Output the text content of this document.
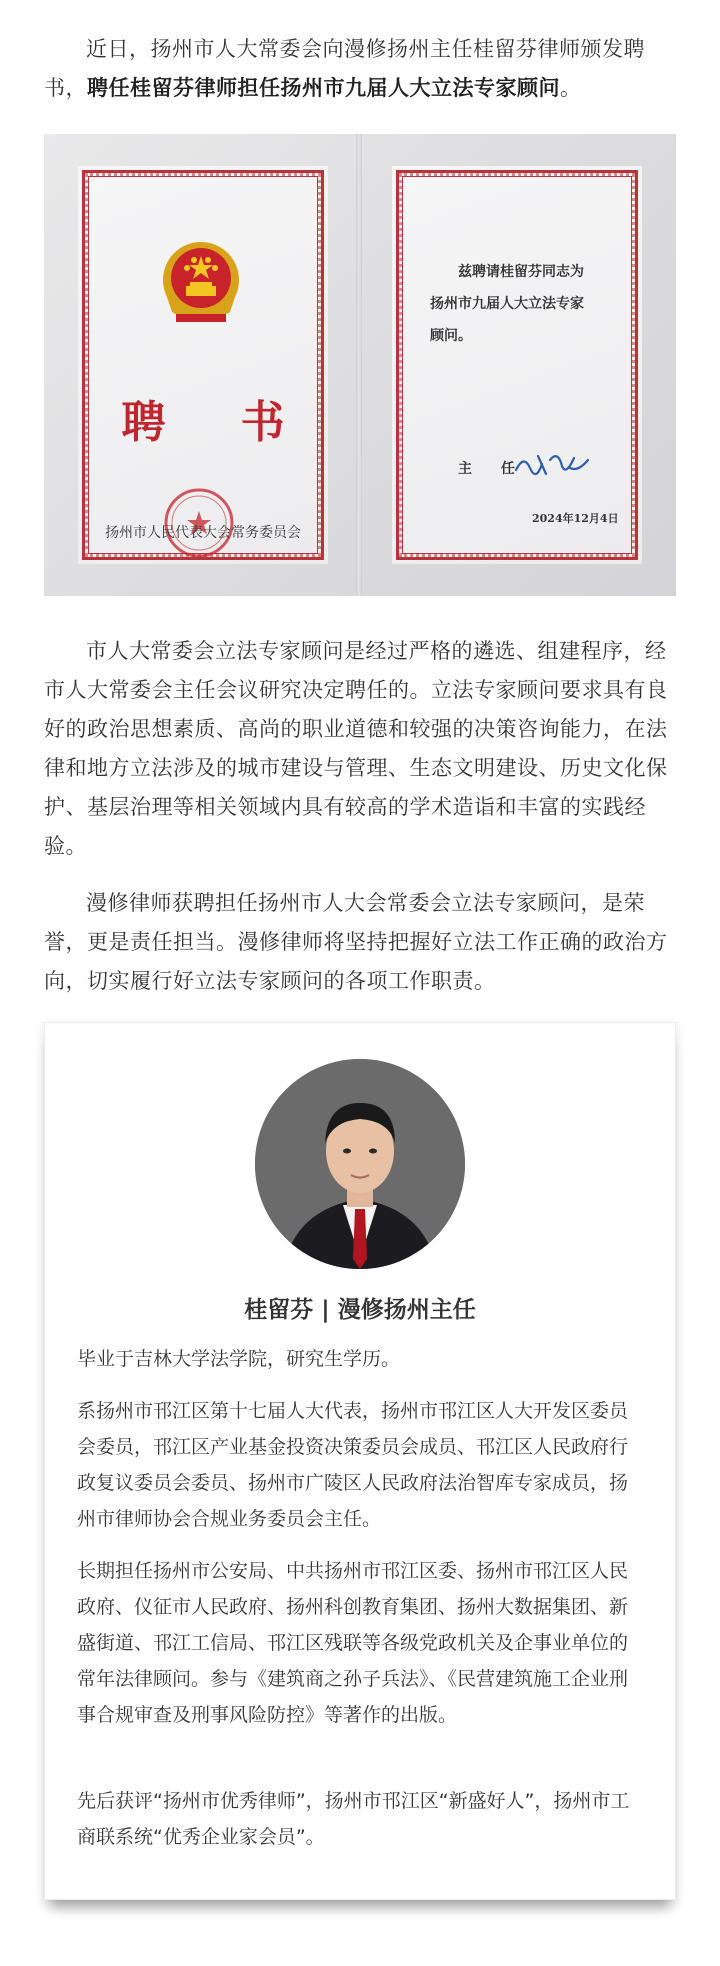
近日，扬州市人大常委会向漫修扬州主任桂留芬律师颁发聘书，聘任桂留芬律师担任扬州市九届人大立法专家顾问。

聘 书
扬州市人民代表大会常务委员会
兹聘请桂留芬同志为
扬州市九届人大立法专家
顾问。
主 任
2024年12月4日

市人大常委会立法专家顾问是经过严格的遴选、组建程序，经市人大常委会主任会议研究决定聘任的。立法专家顾问要求具有良好的政治思想素质、高尚的职业道德和较强的决策咨询能力，在法律和地方立法涉及的城市建设与管理、生态文明建设、历史文化保护、基层治理等相关领域内具有较高的学术造诣和丰富的实践经验。

漫修律师获聘担任扬州市人大会常委会立法专家顾问，是荣誉，更是责任担当。漫修律师将坚持把握好立法工作正确的政治方向，切实履行好立法专家顾问的各项工作职责。

桂留芬 | 漫修扬州主任

毕业于吉林大学法学院，研究生学历。

系扬州市邗江区第十七届人大代表，扬州市邗江区人大开发区委员会委员，邗江区产业基金投资决策委员会成员、邗江区人民政府行政复议委员会委员、扬州市广陵区人民政府法治智库专家成员，扬州市律师协会合规业务委员会主任。

长期担任扬州市公安局、中共扬州市邗江区委、扬州市邗江区人民政府、仪征市人民政府、扬州科创教育集团、扬州大数据集团、新盛街道、邗江工信局、邗江区残联等各级党政机关及企事业单位的常年法律顾问。参与《建筑商之孙子兵法》、《民营建筑施工企业刑事合规审查及刑事风险防控》等著作的出版。

先后获评“扬州市优秀律师”，扬州市邗江区“新盛好人”，扬州市工商联系统“优秀企业家会员”。
